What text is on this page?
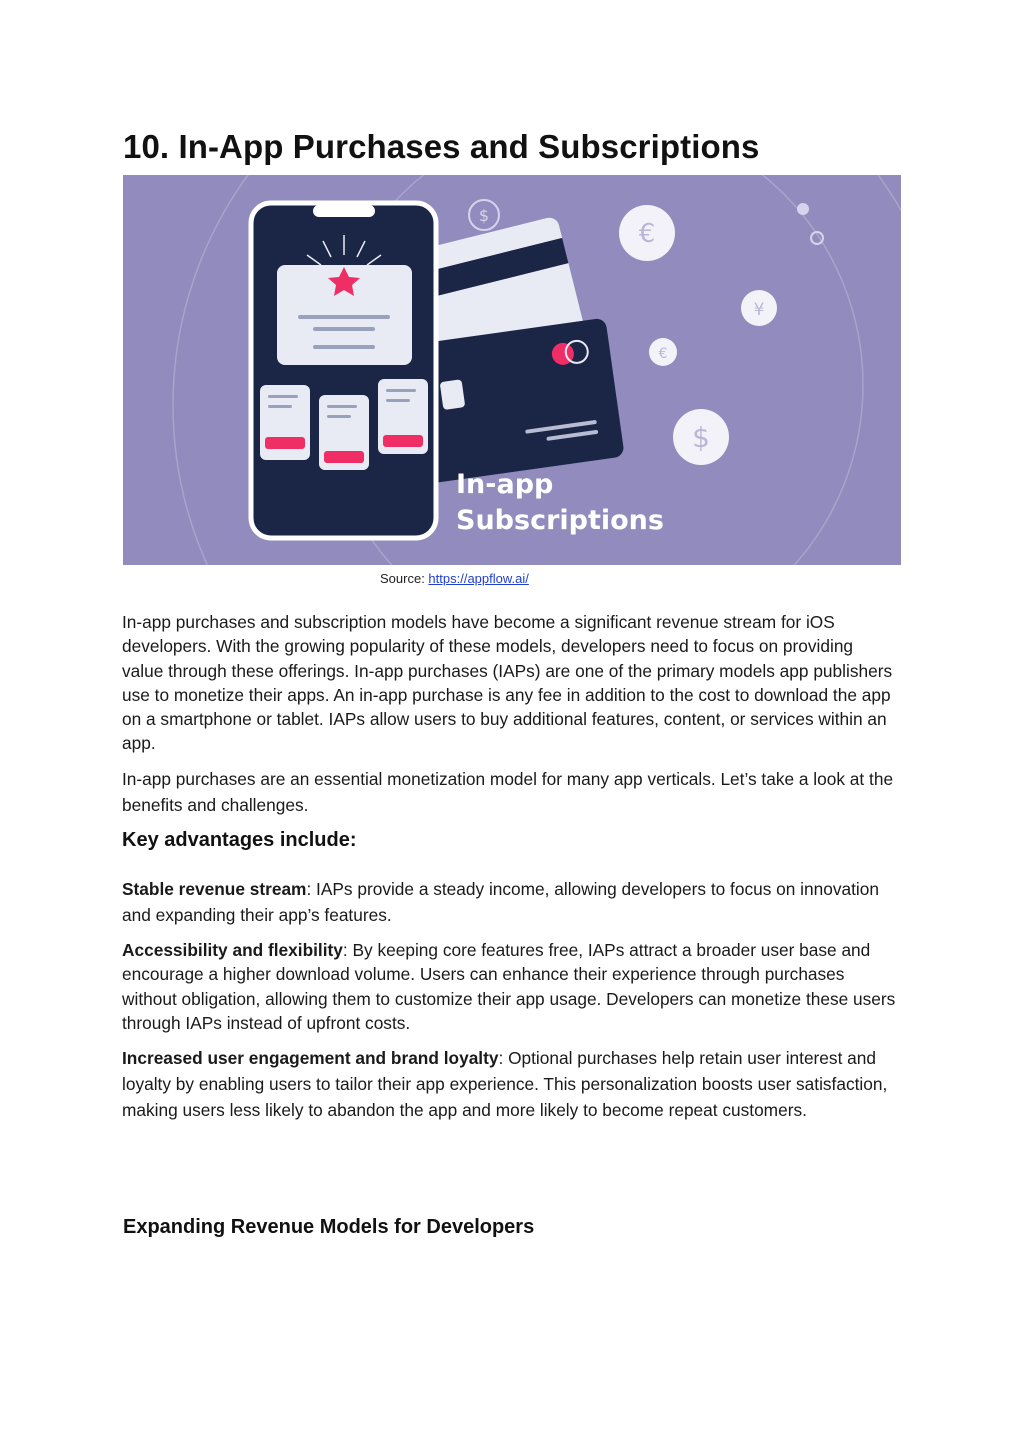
10. In-App Purchases and Subscriptions
$
€
¥
€
$
In-app
Subscriptions
Source: https://appflow.ai/

In-app purchases and subscription models have become a significant revenue stream for iOS developers. With the growing popularity of these models, developers need to focus on providing value through these offerings. In-app purchases (IAPs) are one of the primary models app publishers use to monetize their apps. An in-app purchase is any fee in addition to the cost to download the app on a smartphone or tablet. IAPs allow users to buy additional features, content, or services within an app.

In-app purchases are an essential monetization model for many app verticals. Let’s take a look at the benefits and challenges.

Key advantages include:

Stable revenue stream: IAPs provide a steady income, allowing developers to focus on innovation and expanding their app’s features.

Accessibility and flexibility: By keeping core features free, IAPs attract a broader user base and encourage a higher download volume. Users can enhance their experience through purchases without obligation, allowing them to customize their app usage. Developers can monetize these users through IAPs instead of upfront costs.

Increased user engagement and brand loyalty: Optional purchases help retain user interest and loyalty by enabling users to tailor their app experience. This personalization boosts user satisfaction, making users less likely to abandon the app and more likely to become repeat customers.

Expanding Revenue Models for Developers
